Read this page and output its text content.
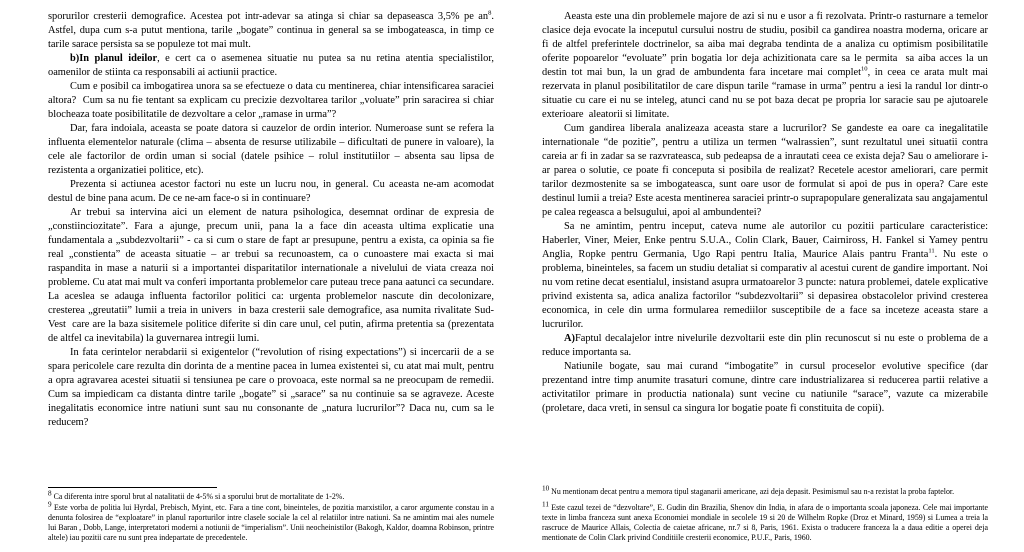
sporurilor cresterii demografice. Acestea pot intr-adevar sa atinga si chiar sa depaseasca 3,5% pe $an^8$. Astfel, dupa cum s-a putut mentiona, tarile „bogate” continua in general sa se imbogateasca, in timp ce tarile sarace persista sa se populeze tot mai mult.

b)In planul ideilor, e cert ca o asemenea situatie nu putea sa nu retina atentia specialistilor, oamenilor de stiinta ca responsabili ai actiunii practice.

Cum e posibil ca imbogatirea unora sa se efectueze o data cu mentinerea, chiar intensificarea saraciei altora?  Cum sa nu fie tentant sa explicam cu precizie dezvoltarea tarilor „voluate” prin saracirea si chiar blocheaza toate posibilitatile de dezvoltare a celor „ramase in urma”?

Dar, fara indoiala, aceasta se poate datora si cauzelor de ordin interior. Numeroase sunt se refera la influenta elementelor naturale (clima – absenta de resurse utilizabile – dificultati de punere in valoare), la cele ale factorilor de ordin uman si social (datele psihice – rolul institutiilor – absenta sau lipsa de rezistenta a organizatiei politice, etc).

Prezenta si actiunea acestor factori nu este un lucru nou, in general. Cu aceasta ne-am acomodat destul de bine pana acum. De ce ne-am face-o si in continuare?

Ar trebui sa intervina aici un element de natura psihologica, desemnat ordinar de expresia de „constiinciozitate”. Fara a ajunge, precum unii, pana la a face din aceasta ultima explicatie una fundamentala a „subdezvoltarii” - ca si cum o stare de fapt ar presupune, pentru a exista, ca opinia sa fie real „constienta” de aceasta situatie – ar trebui sa recunoastem, ca o cunoastere mai exacta si mai raspandita in mase a naturii si a importantei disparitatilor internationale a nivelului de viata creaza noi probleme. Cu atat mai mult va conferi importanta problemelor care puteau trece pana aatunci ca secundare. La aceslea se adauga influenta factorilor politici ca: urgenta problemelor nascute din decolonizare, cresterea „greutatii” lumii a treia in univers  in baza cresterii sale demografice, asa numita rivalitate Sud- Vest  care are la baza sisitemele politice diferite si din care unul, cel putin, afirma pretentia sa (prezentata de altfel ca inevitabila) la guvernarea intregii lumi.

In fata cerintelor nerabdarii si exigentelor (“revolution of rising expectations”) si incercarii de a se spara pericolele care rezulta din dorinta de a mentine pacea in lumea existentei si, cu atat mai mult, pentru a opra agravarea acestei situatii si tensiunea pe care o provoaca, este normal sa ne preocupam de remedii. Cum sa impiedicam ca distanta dintre tarile „bogate” si „sarace” sa nu continuie sa se agraveze. Aceste inegalitatis economice intre natiuni sunt sau nu consonante de „natura lucrurilor”? Daca nu, cum sa le reducem?

8 Ca diferenta intre sporul brut al natalitatii de 4-5% si a sporului brut de mortalitate de 1-2%.

9 Este vorba de politia lui Hyrdal, Prebisch, Myint, etc. Fara a tine cont, bineinteles, de pozitia marxistilor, a caror argumente constau in a denunta folosirea de “exploatare” in planul raporturilor intre clasele sociale la cel al relatiilor intre natiuni. Sa ne amintim mai ales numele lui Baran , Dobb, Lange, interpretatori moderni a notiunii de “imperialism”. Unii neocheinistilor (Bakogh, Kaldor, doamna Robinson, printre altele) iau pozitii care nu sunt prea indepartate de precedentele.

Aeasta este una din problemele majore de azi si nu e usor a fi rezolvata. Printr-o rasturnare a temelor clasice deja evocate la inceputul cursului nostru de studiu, posibil ca gandirea noastra moderna, oricare ar fi de altfel preferintele doctrinelor, sa aiba mai degraba tendinta de a analiza cu optimism posibilitatile oferite popoarelor “evoluate” prin bogatia lor deja achizitionata care sa le permita  sa aiba acces la un destin tot mai bun, la un grad de ambundenta fara incetare mai complet$^{10}$, in ceea ce arata mult mai rezervata in planul posibilitatilor de care dispun tarile “ramase in urma” pentru a iesi la randul lor dintr-o situatie cu care ei nu se inteleg, atunci cand nu se pot baza decat pe propria lor saracie sau pe ajutoarele exterioare  aleatorii si limitate.

Cum gandirea liberala analizeaza aceasta stare a lucrurilor? Se gandeste ea oare ca inegalitatile internationale “de pozitie”, pentru a utiliza un termen “walrassien”, sunt rezultatul unei situatii contra careia ar fi in zadar sa se razvrateasca, sub pedeapsa de a inrautati ceea ce exista deja? Sau o ameliorare i-ar parea o solutie, ce poate fi conceputa si posibila de realizat? Recetele acestor ameliorari, care permit tarilor dezmostenite sa se imbogateasca, sunt oare usor de formulat si apoi de pus in opera? Care este destinul lumii a treia? Este acesta mentinerea saraciei printr-o suprapopulare generalizata sau angajamentul pe calea regeasca a belsugului, apoi al ambundentei?

Sa ne amintim, pentru inceput, cateva nume ale autorilor cu pozitii particulare caracteristice: Haberler, Viner, Meier, Enke pentru S.U.A., Colin Clark, Bauer, Cairniross, H. Fankel si Yamey pentru Anglia, Ropke pentru Germania, Ugo Rapi pentru Italia, Maurice Alais pantru Franta$^{11}$. Nu este o problema, bineinteles, sa facem un studiu detaliat si comparativ al acestui curent de gandire important. Noi nu vom retine decat esentialul, insistand asupra urmatoarelor 3 puncte: natura problemei, datele explicative privind existenta sa, adica analiza factorilor “subdezvoltarii” si depasirea obstacolelor privind cresterea economica, in cele din urma formularea remediilor susceptibile de a face sa inceteze aceasta stare a lucrurilor.

A)Faptul decalajelor intre nivelurile dezvoltarii este din plin recunoscut si nu este o problema de a reduce importanta sa.

Natiunile bogate, sau mai curand “imbogatite” in cursul proceselor evolutive specifice (dar prezentand intre timp anumite trasaturi comune, dintre care industrializarea si reducerea partii relative a activitatilor primare in productia nationala) sunt vecine cu natiunile “sarace”, vazute ca mizerabile (proletare, daca vreti, in sensul ca singura lor bogatie poate fi constituita de copii).

10 Nu mentionam decat pentru a memora tipul staganarii americane, azi deja depasit. Pesimismul sau n-a rezistat la proba faptelor.

11 Este cazul tezei de “dezvoltare”, E. Gudin din Brazilia, Shenov din India, in afara de o importanta scoala japoneza. Cele mai importante texte in limba franceza sunt anexa Economiei mondiale in secolele 19 si 20 de Wilhelm Ropke (Droz et Minard, 1959) si Lumea a treia la rascruce de Maurice Allais, Colectia de caietae africane, nr.7 si 8, Paris, 1961. Exista o traducere franceza la a daua editie a operei deja mentionate de Colin Clark privind Conditiile cresterii economice, P.U.F., Paris, 1960.
